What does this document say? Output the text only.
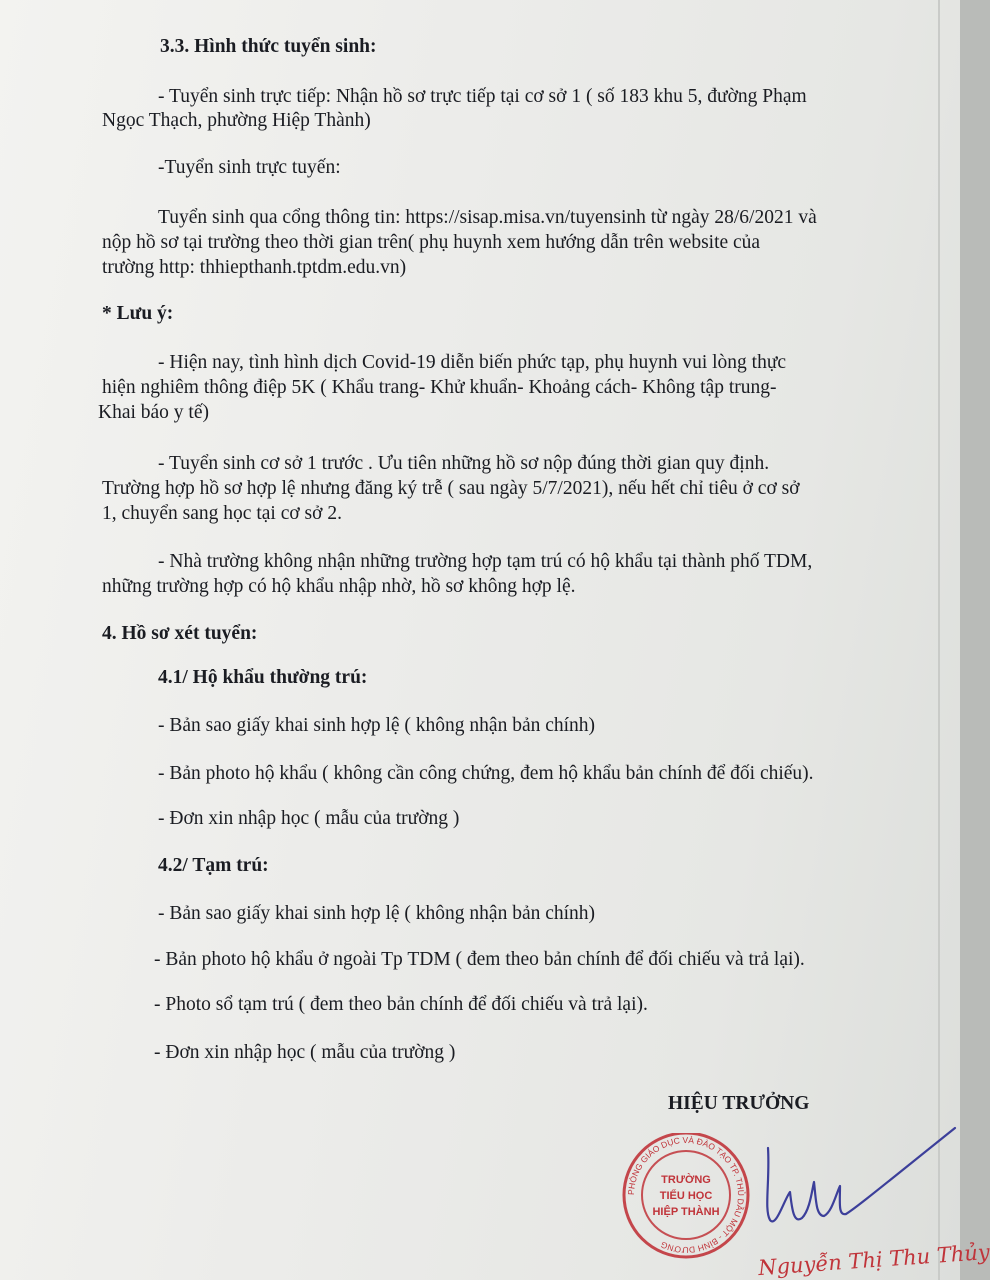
3.3. Hình thức tuyển sinh:
- Tuyển sinh trực tiếp: Nhận hồ sơ trực tiếp tại cơ sở 1 ( số 183 khu 5, đường Phạm
Ngọc Thạch, phường Hiệp Thành)
-Tuyển sinh trực tuyến:
Tuyển sinh qua cổng thông tin: https://sisap.misa.vn/tuyensinh từ ngày 28/6/2021 và
nộp hồ sơ tại trường theo thời gian trên( phụ huynh xem hướng dẫn trên website của
trường http: thhiepthanh.tptdm.edu.vn)
* Lưu ý:
- Hiện nay, tình hình dịch Covid-19 diễn biến phức tạp, phụ huynh vui lòng thực
hiện nghiêm thông điệp 5K ( Khẩu trang- Khử khuẩn- Khoảng cách- Không tập trung-
Khai báo y tế)
- Tuyển sinh cơ sở 1 trước . Ưu tiên những hồ sơ nộp đúng thời gian quy định.
Trường hợp hồ sơ hợp lệ nhưng đăng ký trễ ( sau ngày 5/7/2021), nếu hết chỉ tiêu ở cơ sở
1, chuyển sang học tại cơ sở 2.
- Nhà trường không nhận những trường hợp tạm trú có hộ khẩu tại thành phố TDM,
những trường hợp có hộ khẩu nhập nhờ, hồ sơ không hợp lệ.
4. Hồ sơ xét tuyển:
4.1/ Hộ khẩu thường trú:
- Bản sao giấy khai sinh hợp lệ ( không nhận bản chính)
- Bản photo hộ khẩu ( không cần công chứng, đem hộ khẩu bản chính để đối chiếu).
- Đơn xin nhập học ( mẫu của trường )
4.2/ Tạm trú:
- Bản sao giấy khai sinh hợp lệ ( không nhận bản chính)
- Bản photo hộ khẩu ở ngoài Tp TDM ( đem theo bản chính để đối chiếu và trả lại).
- Photo sổ tạm trú ( đem theo bản chính để đối chiếu và trả lại).
- Đơn xin nhập học ( mẫu của trường )
HIỆU TRƯỞNG
PHÒNG GIÁO DỤC VÀ ĐÀO TẠO TP. THỦ DẦU MỘT - BÌNH DƯƠNG
TRƯỜNG
TIỂU HỌC
HIỆP THÀNH
Nguyễn Thị Thu Thủy
